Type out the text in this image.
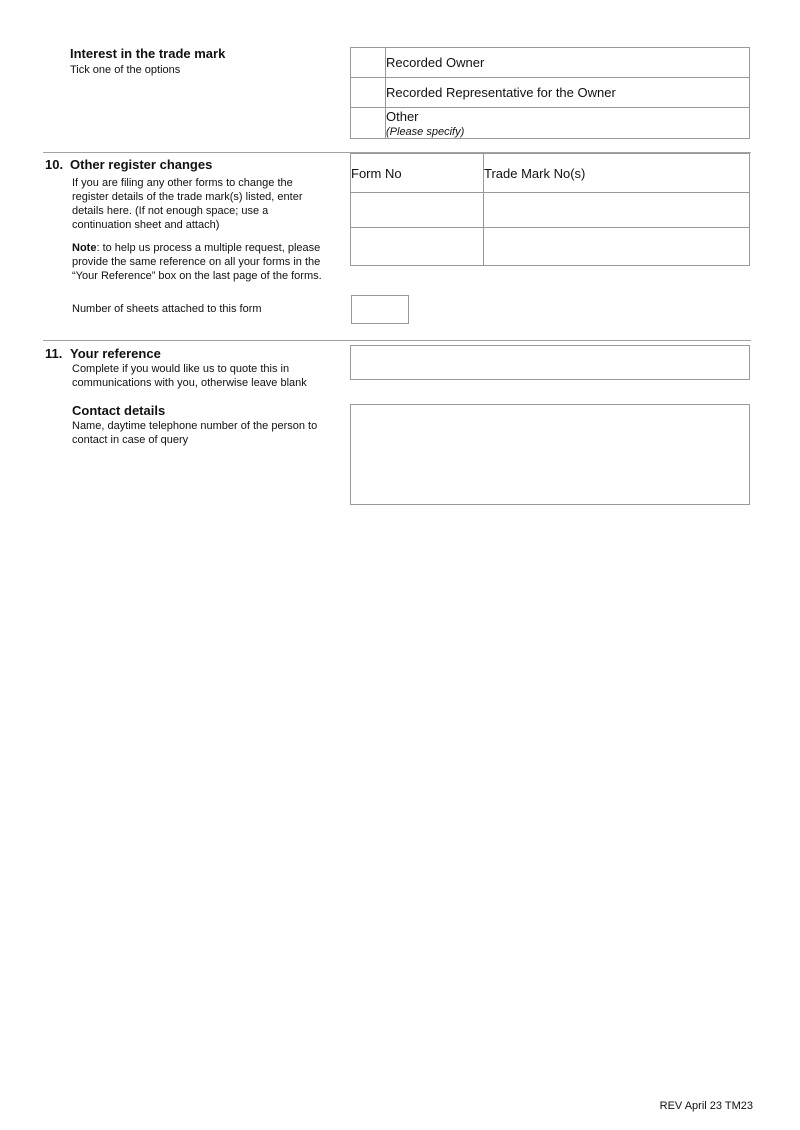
Interest in the trade mark
Tick one of the options
	Recorded Owner
	Recorded Representative for the Owner
	Other
(Please specify)
10. Other register changes

If you are filing any other forms to change the register details of the trade mark(s) listed, enter details here. (If not enough space; use a continuation sheet and attach)

Note: to help us process a multiple request, please provide the same reference on all your forms in the “Your Reference” box on the last page of the forms.

Number of sheets attached to this form
Form No	Trade Mark No(s)

11. Your reference
Complete if you would like us to quote this in communications with you, otherwise leave blank
Contact details
Name, daytime telephone number of the person to contact in case of query
REV April 23 TM23
